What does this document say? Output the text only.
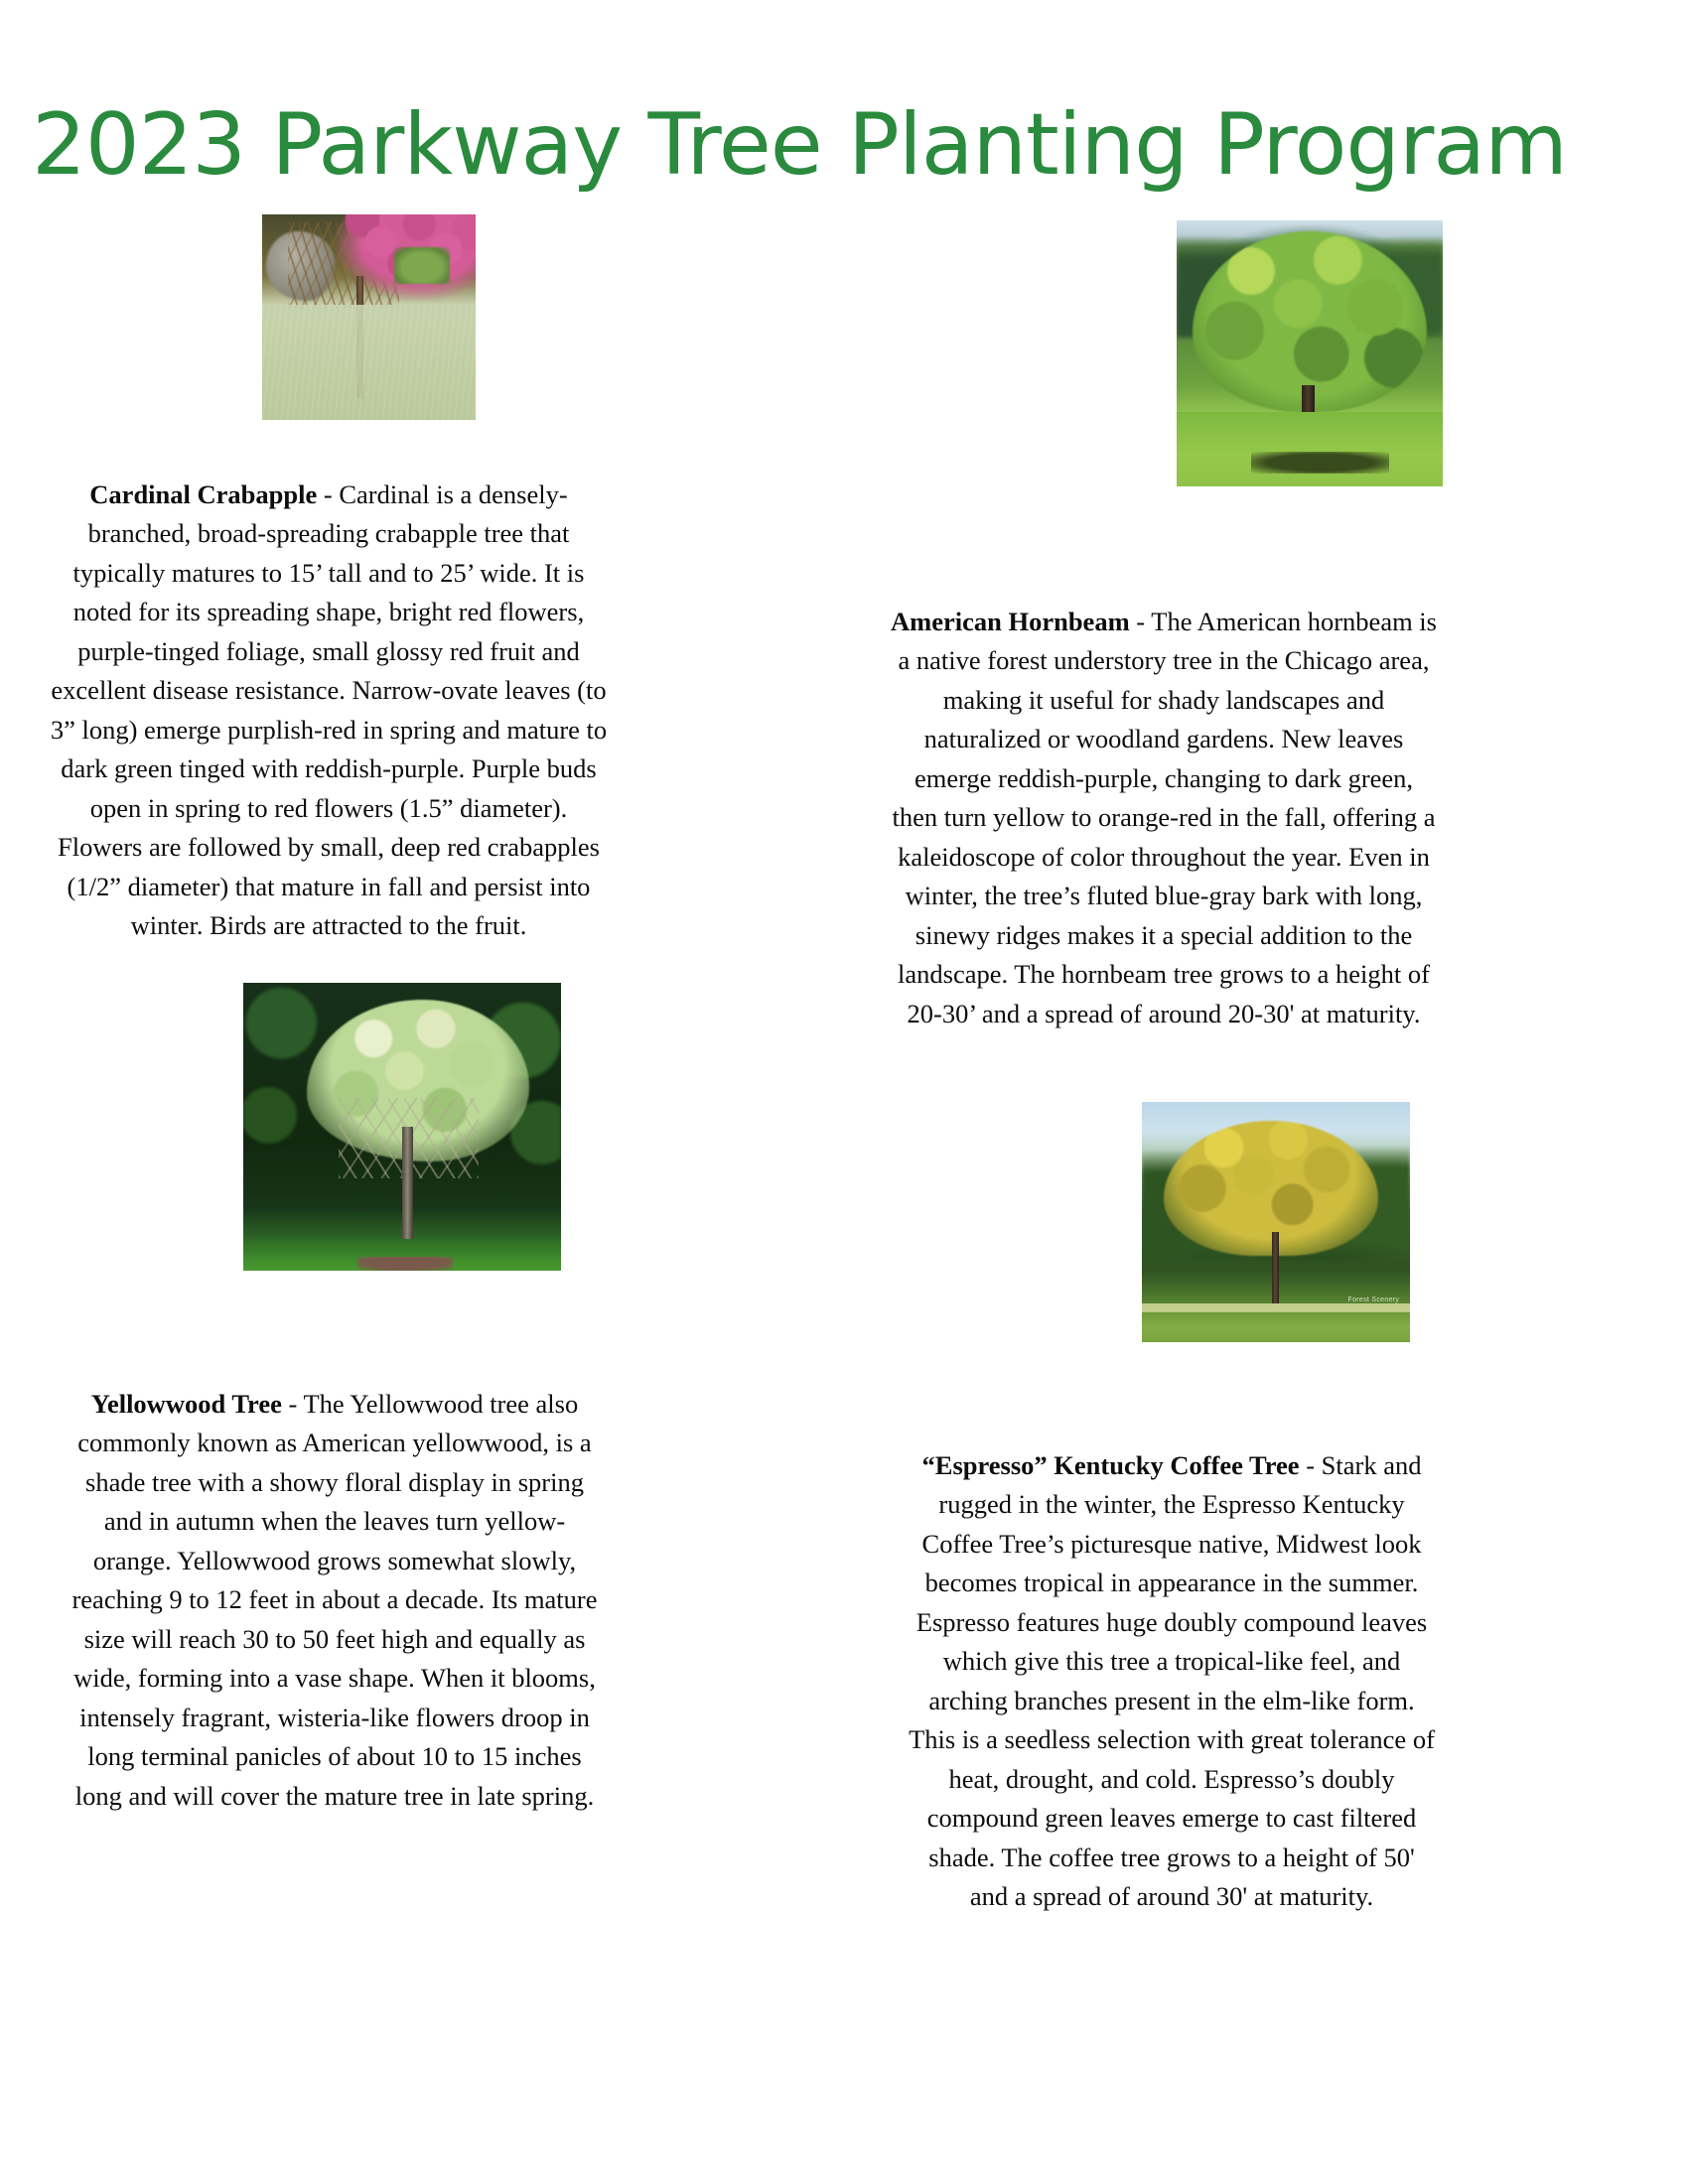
2023 Parkway Tree Planting Program
Forest Scenery

Cardinal Crabapple - Cardinal is a densely-branched, broad-spreading crabapple tree that typically matures to 15’ tall and to 25’ wide. It is noted for its spreading shape, bright red flowers, purple-tinged foliage, small glossy red fruit and excellent disease resistance. Narrow-ovate leaves (to 3” long) emerge purplish-red in spring and mature to dark green tinged with reddish-purple. Purple buds open in spring to red flowers (1.5” diameter). Flowers are followed by small, deep red crabapples (1/2” diameter) that mature in fall and persist into winter. Birds are attracted to the fruit.

American Hornbeam - The American hornbeam is a native forest understory tree in the Chicago area, making it useful for shady landscapes and naturalized or woodland gardens. New leaves emerge reddish-purple, changing to dark green, then turn yellow to orange-red in the fall, offering a kaleidoscope of color throughout the year. Even in winter, the tree’s fluted blue-gray bark with long, sinewy ridges makes it a special addition to the landscape. The hornbeam tree grows to a height of 20-30’ and a spread of around 20-30' at maturity.

Yellowwood Tree - The Yellowwood tree also commonly known as American yellowwood, is a shade tree with a showy floral display in spring and in autumn when the leaves turn yellow-orange. Yellowwood grows somewhat slowly, reaching 9 to 12 feet in about a decade. Its mature size will reach 30 to 50 feet high and equally as wide, forming into a vase shape. When it blooms, intensely fragrant, wisteria-like flowers droop in long terminal panicles of about 10 to 15 inches long and will cover the mature tree in late spring.

“Espresso” Kentucky Coffee Tree - Stark and rugged in the winter, the Espresso Kentucky Coffee Tree’s picturesque native, Midwest look becomes tropical in appearance in the summer. Espresso features huge doubly compound leaves which give this tree a tropical-like feel, and arching branches present in the elm-like form. This is a seedless selection with great tolerance of heat, drought, and cold. Espresso’s doubly compound green leaves emerge to cast filtered shade. The coffee tree grows to a height of 50' and a spread of around 30' at maturity.
